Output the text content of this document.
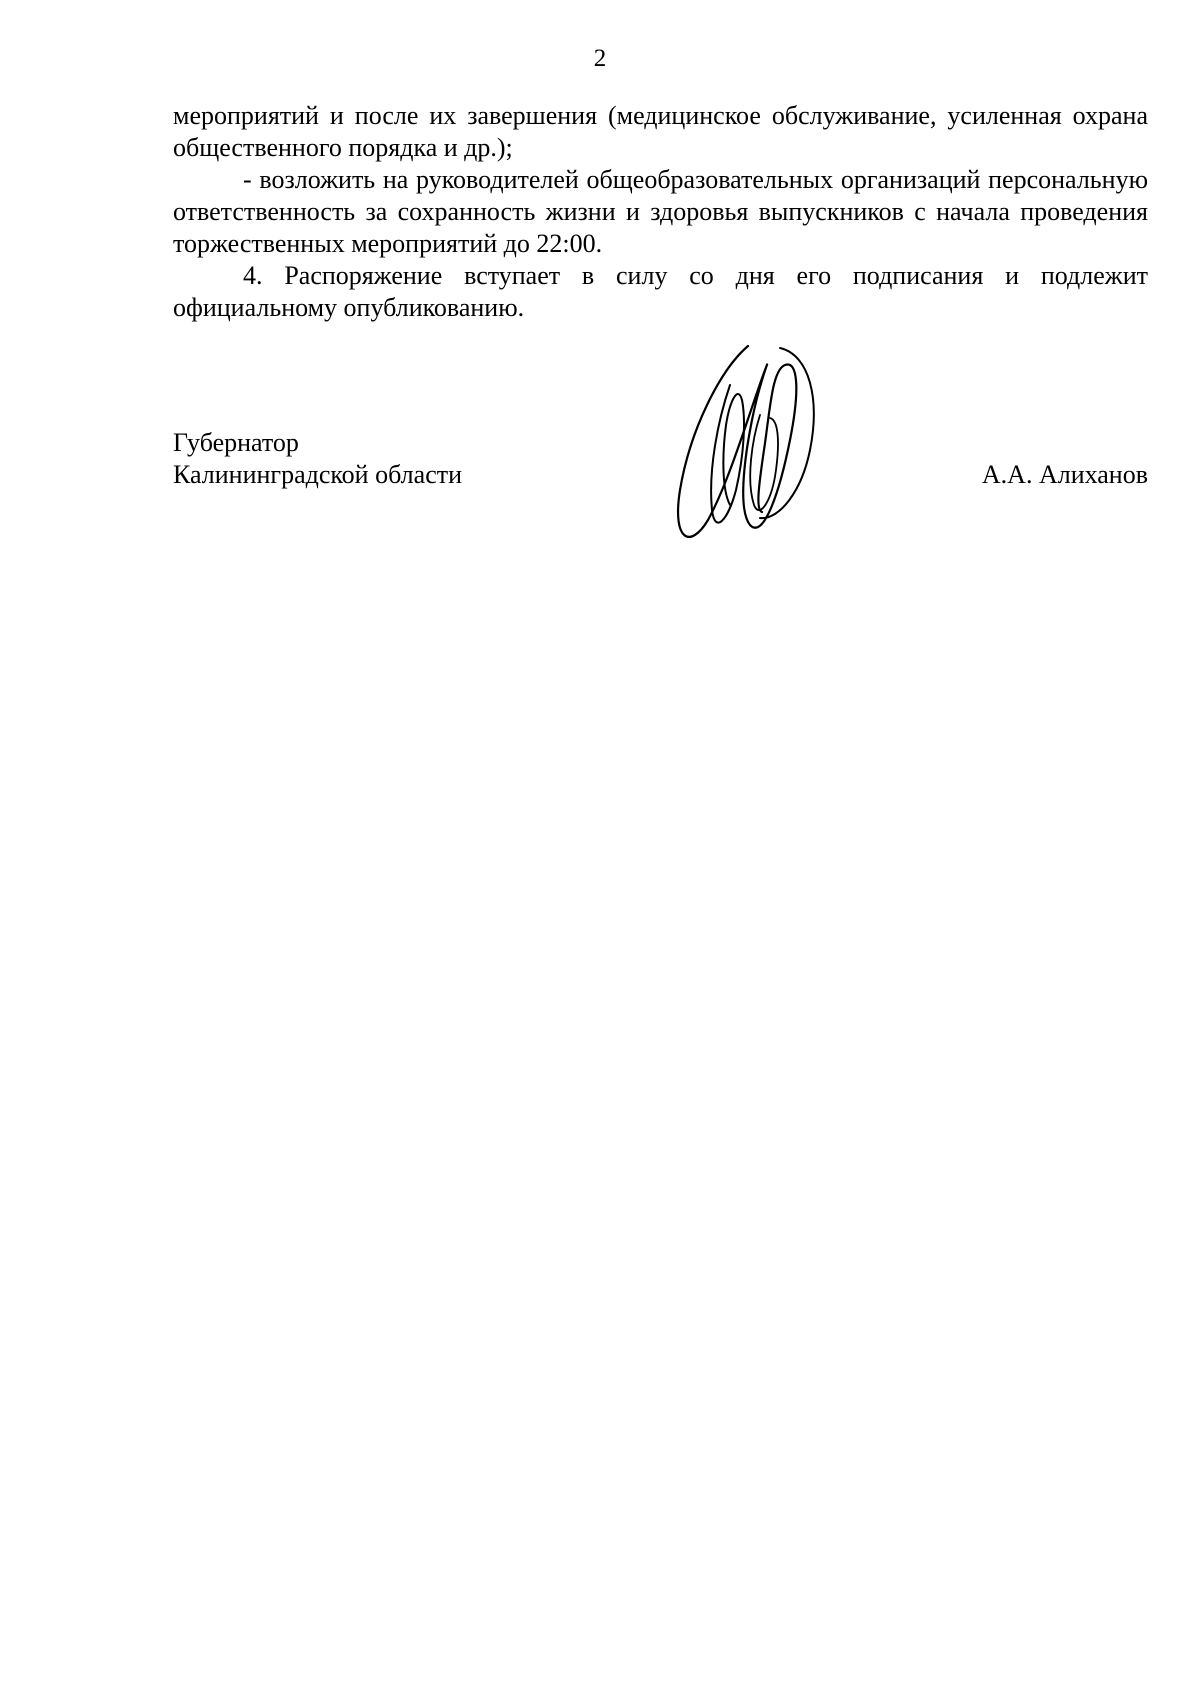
2

мероприятий и после их завершения (медицинское обслуживание, усиленная охрана общественного порядка и др.);

- возложить на руководителей общеобразовательных организаций персональную ответственность за сохранность жизни и здоровья выпускников с начала проведения торжественных мероприятий до 22:00.

4. Распоряжение вступает в силу со дня его подписания и подлежит официальному опубликованию.

Губернатор
Калининградской области	А.А. Алиханов
